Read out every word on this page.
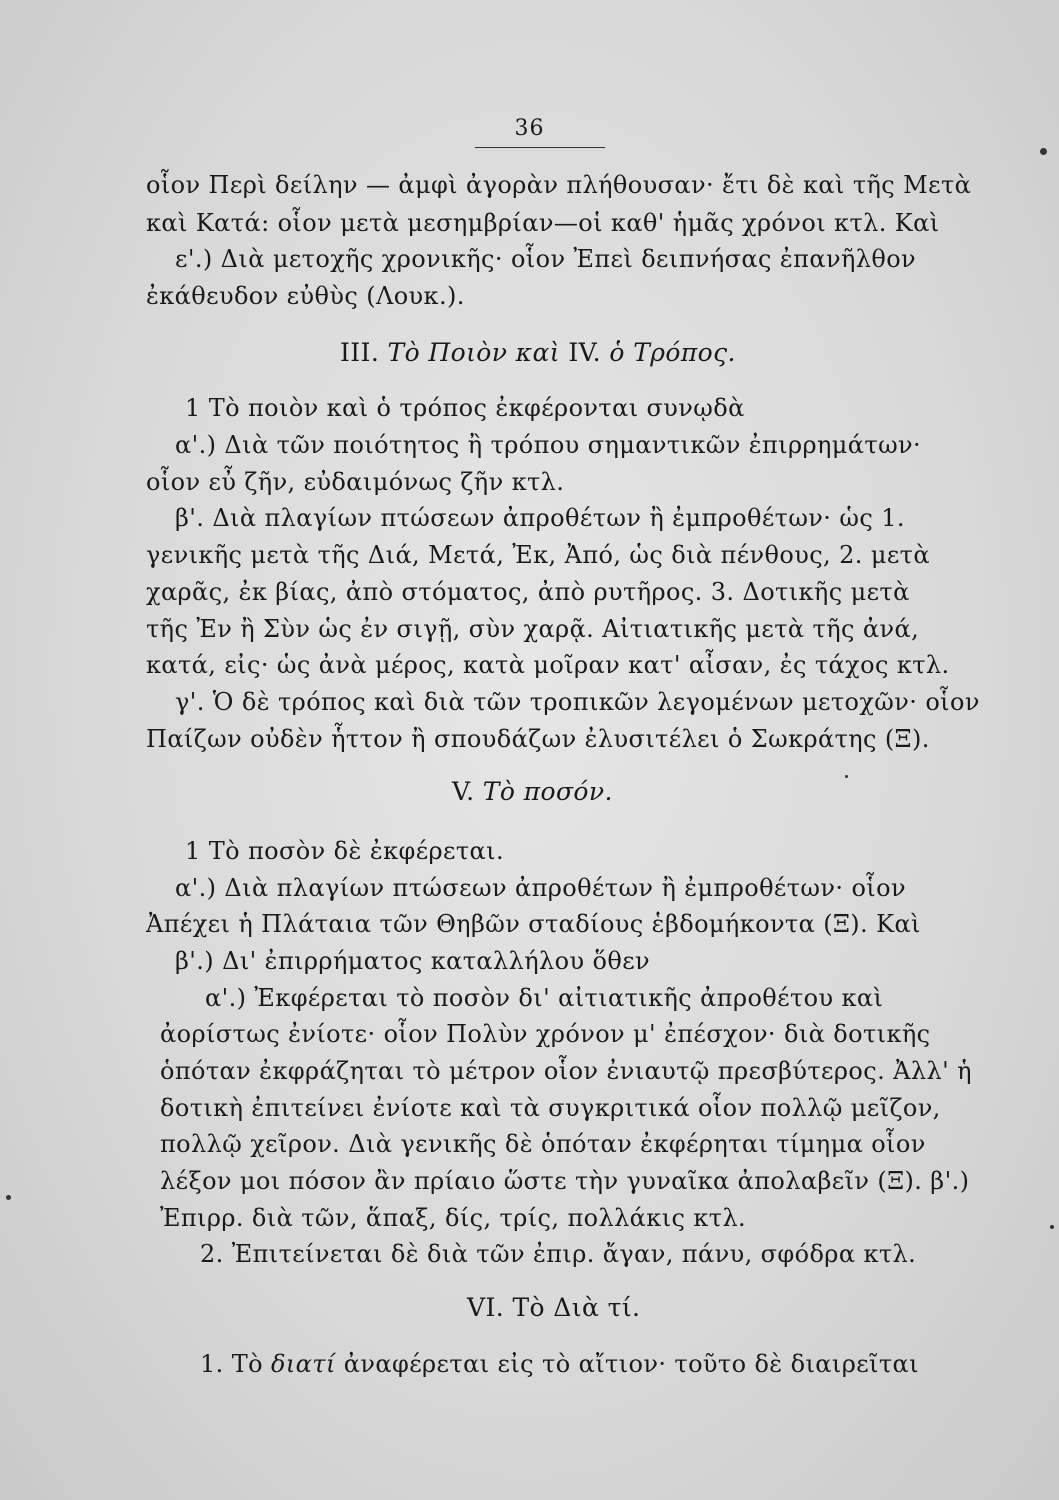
36
οἷον Περὶ δείλην — ἀμφὶ ἀγορὰν πλήθουσαν· ἔτι δὲ καὶ τῆς Μετὰ
καὶ Κατά: οἷον μετὰ μεσημβρίαν—οἱ καθ' ἡμᾶς χρόνοι κτλ. Καὶ
ε'.) Διὰ μετοχῆς χρονικῆς· οἷον Ἐπεὶ δειπνήσας ἐπανῆλθον
ἐκάθευδον εὐθὺς (Λουκ.).
III. Τὸ Ποιὸν καὶ IV. ὁ Τρόπος.
1 Τὸ ποιὸν καὶ ὁ τρόπος ἐκφέρονται συνῳδὰ
α'.) Διὰ τῶν ποιότητος ἢ τρόπου σημαντικῶν ἐπιρρημάτων·
οἷον εὖ ζῆν, εὐδαιμόνως ζῆν κτλ.
β'. Διὰ πλαγίων πτώσεων ἀπροθέτων ἢ ἐμπροθέτων· ὡς 1.
γενικῆς μετὰ τῆς Διά, Μετά, Ἐκ, Ἀπό, ὡς διὰ πένθους, 2. μετὰ
χαρᾶς, ἐκ βίας, ἀπὸ στόματος, ἀπὸ ρυτῆρος. 3. Δοτικῆς μετὰ
τῆς Ἐν ἢ Σὺν ὡς ἐν σιγῇ, σὺν χαρᾷ. Αἰτιατικῆς μετὰ τῆς ἀνά,
κατά, εἰς· ὡς ἀνὰ μέρος, κατὰ μοῖραν κατ' αἶσαν, ἐς τάχος κτλ.
γ'. Ὁ δὲ τρόπος καὶ διὰ τῶν τροπικῶν λεγομένων μετοχῶν· οἷον
Παίζων οὐδὲν ἧττον ἢ σπουδάζων ἐλυσιτέλει ὁ Σωκράτης (Ξ).
V. Τὸ ποσόν.
1 Τὸ ποσὸν δὲ ἐκφέρεται.
α'.) Διὰ πλαγίων πτώσεων ἀπροθέτων ἢ ἐμπροθέτων· οἷον
Ἀπέχει ἡ Πλάταια τῶν Θηβῶν σταδίους ἑβδομήκοντα (Ξ). Καὶ
β'.) Δι' ἐπιρρήματος καταλλήλου ὅθεν
α'.) Ἐκφέρεται τὸ ποσὸν δι' αἰτιατικῆς ἀπροθέτου καὶ
ἀορίστως ἐνίοτε· οἷον Πολὺν χρόνον μ' ἐπέσχον· διὰ δοτικῆς
ὁπόταν ἐκφράζηται τὸ μέτρον οἷον ἐνιαυτῷ πρεσβύτερος. Ἀλλ' ἡ
δοτικὴ ἐπιτείνει ἐνίοτε καὶ τὰ συγκριτικά οἷον πολλῷ μεῖζον,
πολλῷ χεῖρον. Διὰ γενικῆς δὲ ὁπόταν ἐκφέρηται τίμημα οἷον
λέξον μοι πόσον ἂν πρίαιο ὥστε τὴν γυναῖκα ἀπολαβεῖν (Ξ). β'.)
Ἐπιρρ. διὰ τῶν, ἅπαξ, δίς, τρίς, πολλάκις κτλ.
2. Ἐπιτείνεται δὲ διὰ τῶν ἐπιρ. ἄγαν, πάνυ, σφόδρα κτλ.
VI. Τὸ Διὰ τί.
1. Τὸ διατί ἀναφέρεται εἰς τὸ αἴτιον· τοῦτο δὲ διαιρεῖται
